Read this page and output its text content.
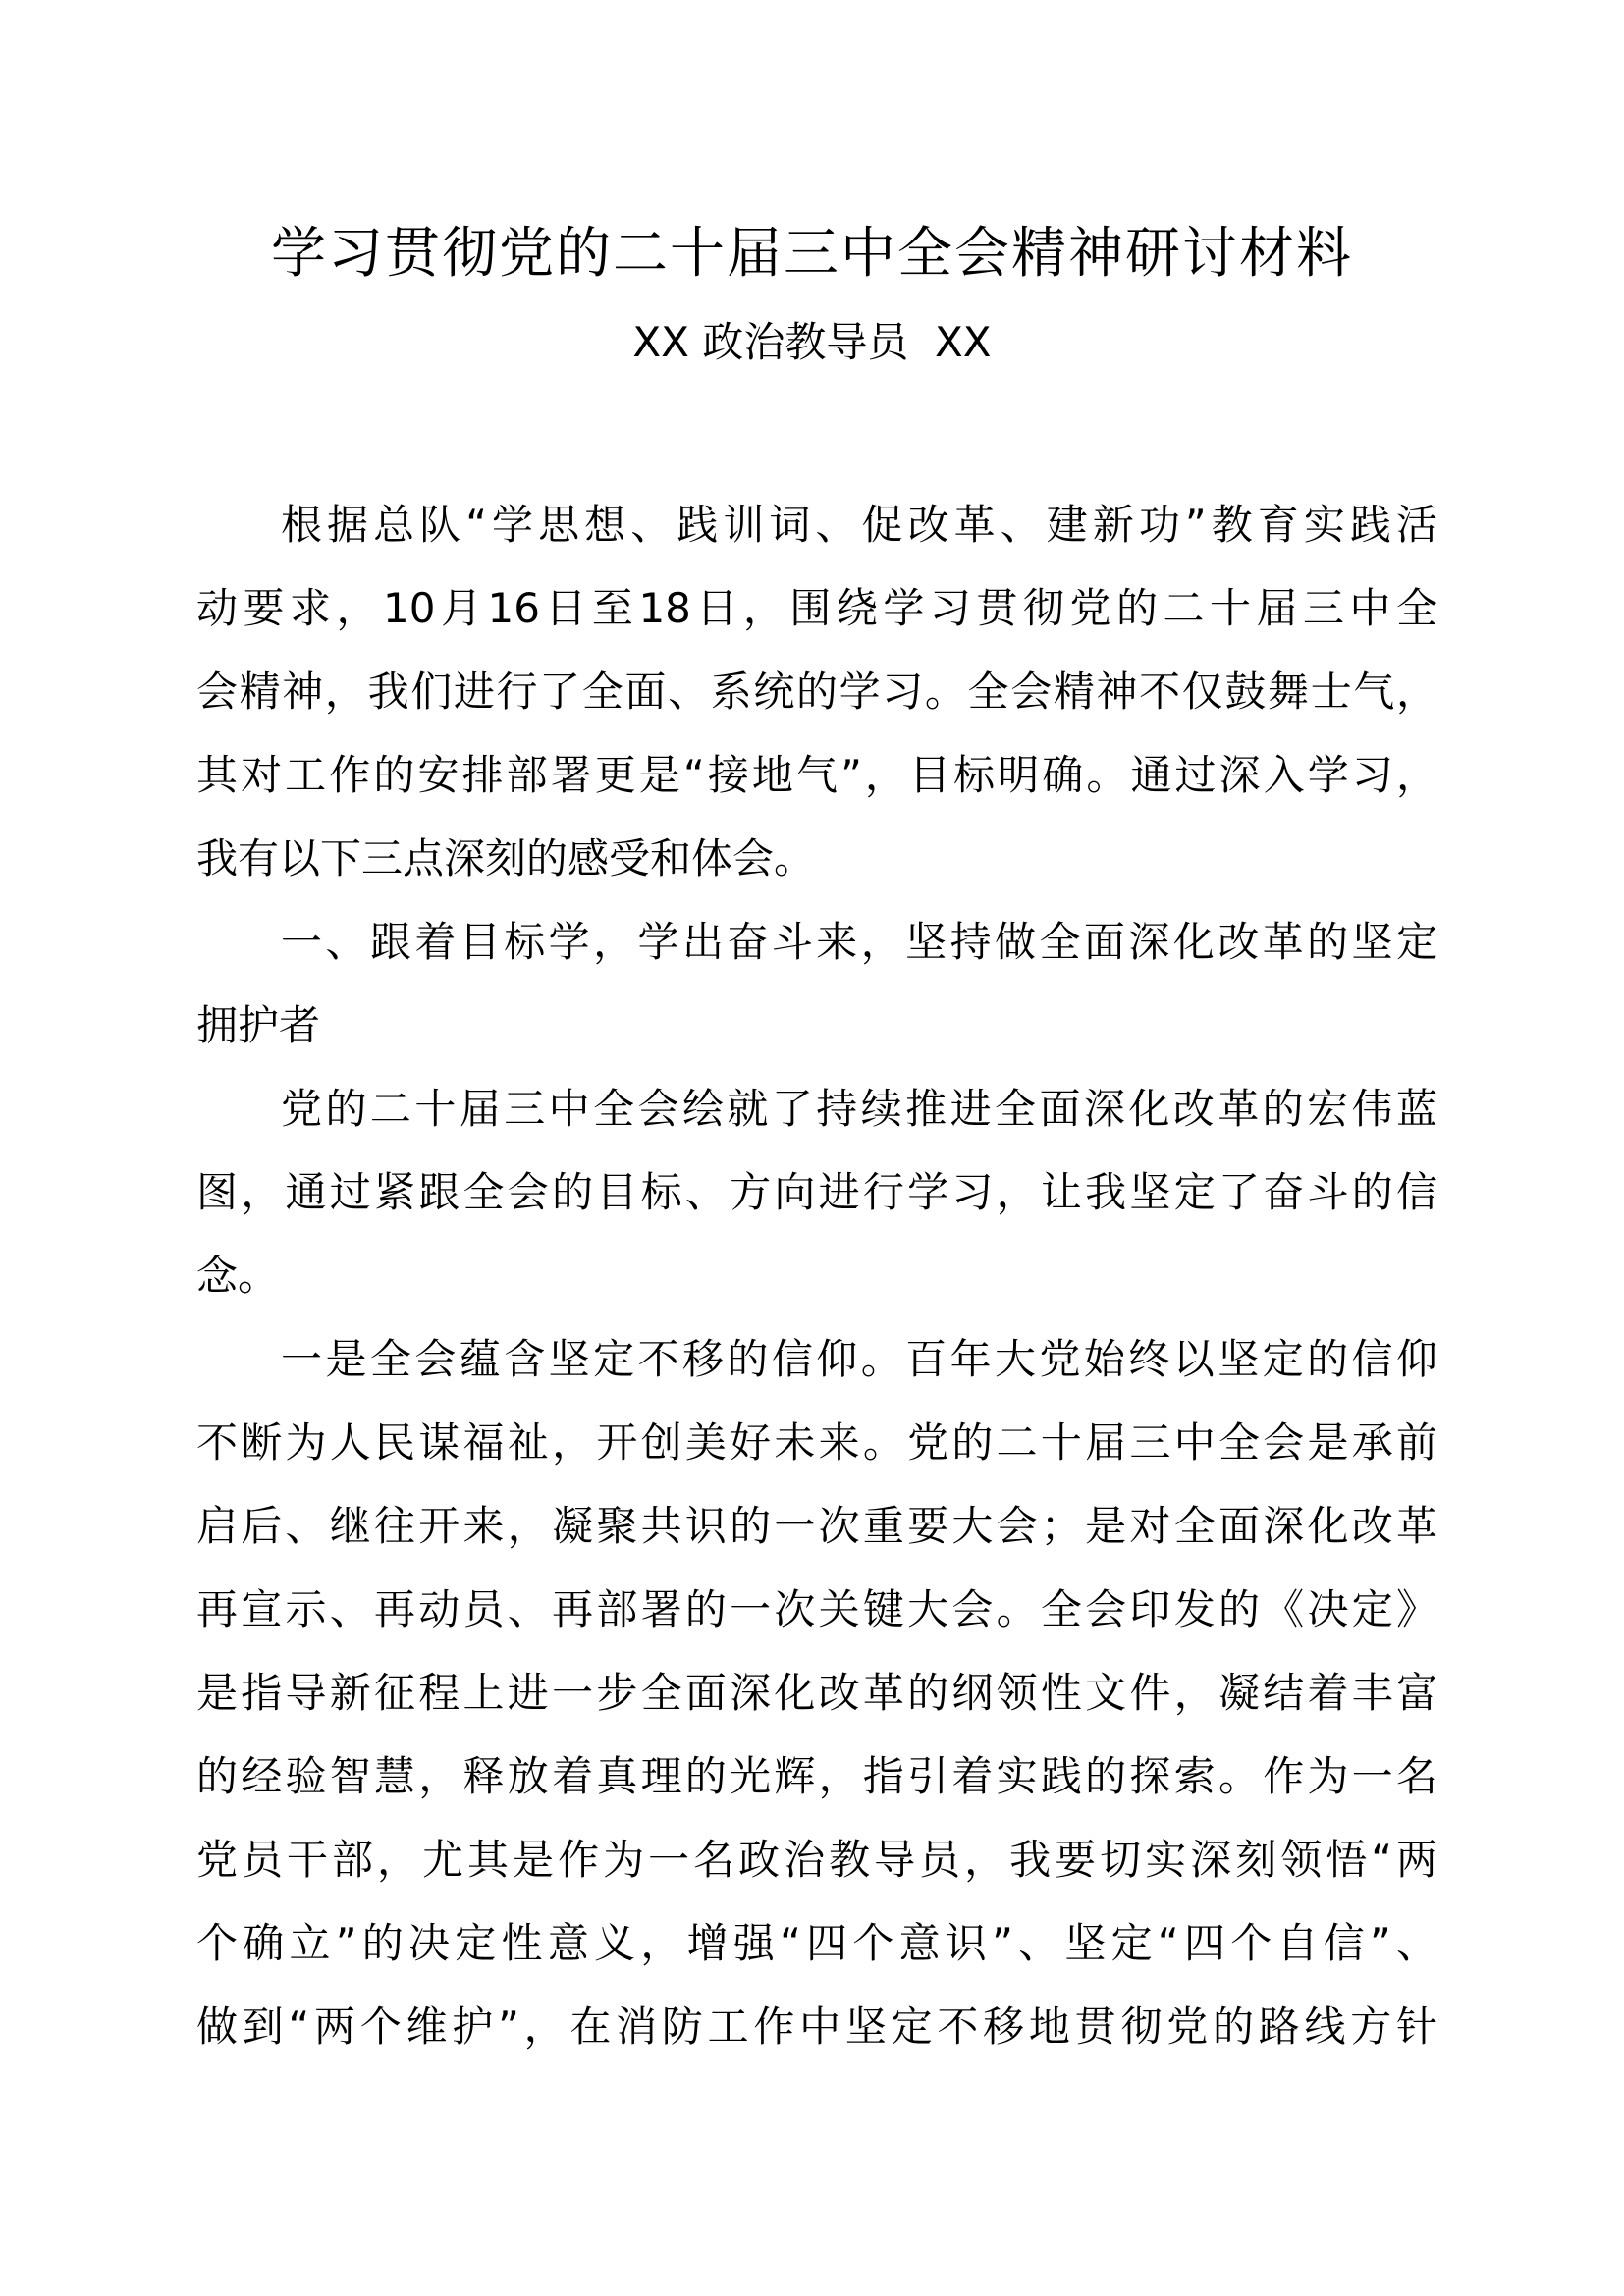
学习贯彻党的二十届三中全会精神研讨材料
XX 政治教导员 XX
根据总队“学思想、践训词、促改革、建新功”教育实践活
动要求，10月16日至18日，围绕学习贯彻党的二十届三中全
会精神，我们进行了全面、系统的学习。全会精神不仅鼓舞士气，
其对工作的安排部署更是“接地气”，目标明确。通过深入学习，
我有以下三点深刻的感受和体会。
一、跟着目标学，学出奋斗来，坚持做全面深化改革的坚定
拥护者
党的二十届三中全会绘就了持续推进全面深化改革的宏伟蓝
图，通过紧跟全会的目标、方向进行学习，让我坚定了奋斗的信
念。
一是全会蕴含坚定不移的信仰。百年大党始终以坚定的信仰
不断为人民谋福祉，开创美好未来。党的二十届三中全会是承前
启后、继往开来，凝聚共识的一次重要大会；是对全面深化改革
再宣示、再动员、再部署的一次关键大会。全会印发的《决定》
是指导新征程上进一步全面深化改革的纲领性文件，凝结着丰富
的经验智慧，释放着真理的光辉，指引着实践的探索。作为一名
党员干部，尤其是作为一名政治教导员，我要切实深刻领悟“两
个确立”的决定性意义，增强“四个意识”、坚定“四个自信”、
做到“两个维护”，在消防工作中坚定不移地贯彻党的路线方针
